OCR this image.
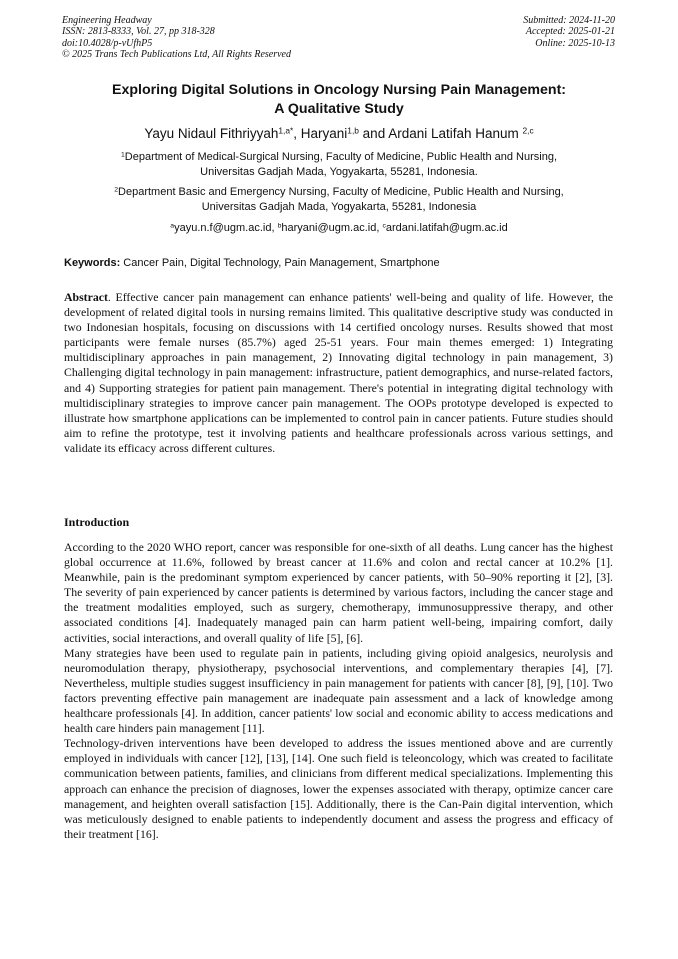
Engineering Headway
ISSN: 2813-8333, Vol. 27, pp 318-328
doi:10.4028/p-vUfhP5
© 2025 Trans Tech Publications Ltd, All Rights Reserved
Submitted: 2024-11-20
Accepted: 2025-01-21
Online: 2025-10-13
Exploring Digital Solutions in Oncology Nursing Pain Management:
A Qualitative Study
Yayu Nidaul Fithriyyah$^{1,a*}$, Haryani$^{1,b}$ and Ardani Latifah Hanum $^{2,c}$
$^1$Department of Medical-Surgical Nursing, Faculty of Medicine, Public Health and Nursing,
Universitas Gadjah Mada, Yogyakarta, 55281, Indonesia.
$^2$Department Basic and Emergency Nursing, Faculty of Medicine, Public Health and Nursing,
Universitas Gadjah Mada, Yogyakarta, 55281, Indonesia
$^a$yayu.n.f@ugm.ac.id, $^b$haryani@ugm.ac.id, $^c$ardani.latifah@ugm.ac.id
Keywords: Cancer Pain, Digital Technology, Pain Management, Smartphone
Abstract. Effective cancer pain management can enhance patients' well-being and quality of life. However, the development of related digital tools in nursing remains limited. This qualitative descriptive study was conducted in two Indonesian hospitals, focusing on discussions with 14 certified oncology nurses. Results showed that most participants were female nurses (85.7%) aged 25-51 years. Four main themes emerged: 1) Integrating multidisciplinary approaches in pain management, 2) Innovating digital technology in pain management, 3) Challenging digital technology in pain management: infrastructure, patient demographics, and nurse-related factors, and 4) Supporting strategies for patient pain management. There's potential in integrating digital technology with multidisciplinary strategies to improve cancer pain management. The OOPs prototype developed is expected to illustrate how smartphone applications can be implemented to control pain in cancer patients. Future studies should aim to refine the prototype, test it involving patients and healthcare professionals across various settings, and validate its efficacy across different cultures.
Introduction

According to the 2020 WHO report, cancer was responsible for one-sixth of all deaths. Lung cancer has the highest global occurrence at 11.6%, followed by breast cancer at 11.6% and colon and rectal cancer at 10.2% [1]. Meanwhile, pain is the predominant symptom experienced by cancer patients, with 50–90% reporting it [2], [3]. The severity of pain experienced by cancer patients is determined by various factors, including the cancer stage and the treatment modalities employed, such as surgery, chemotherapy, immunosuppressive therapy, and other associated conditions [4]. Inadequately managed pain can harm patient well-being, impairing comfort, daily activities, social interactions, and overall quality of life [5], [6].

Many strategies have been used to regulate pain in patients, including giving opioid analgesics, neurolysis and neuromodulation therapy, physiotherapy, psychosocial interventions, and complementary therapies [4], [7]. Nevertheless, multiple studies suggest insufficiency in pain management for patients with cancer [8], [9], [10]. Two factors preventing effective pain management are inadequate pain assessment and a lack of knowledge among healthcare professionals [4]. In addition, cancer patients' low social and economic ability to access medications and health care hinders pain management [11].

Technology-driven interventions have been developed to address the issues mentioned above and are currently employed in individuals with cancer [12], [13], [14]. One such field is teleoncology, which was created to facilitate communication between patients, families, and clinicians from different medical specializations. Implementing this approach can enhance the precision of diagnoses, lower the expenses associated with therapy, optimize cancer care management, and heighten overall satisfaction [15]. Additionally, there is the Can-Pain digital intervention, which was meticulously designed to enable patients to independently document and assess the progress and efficacy of their treatment [16].
